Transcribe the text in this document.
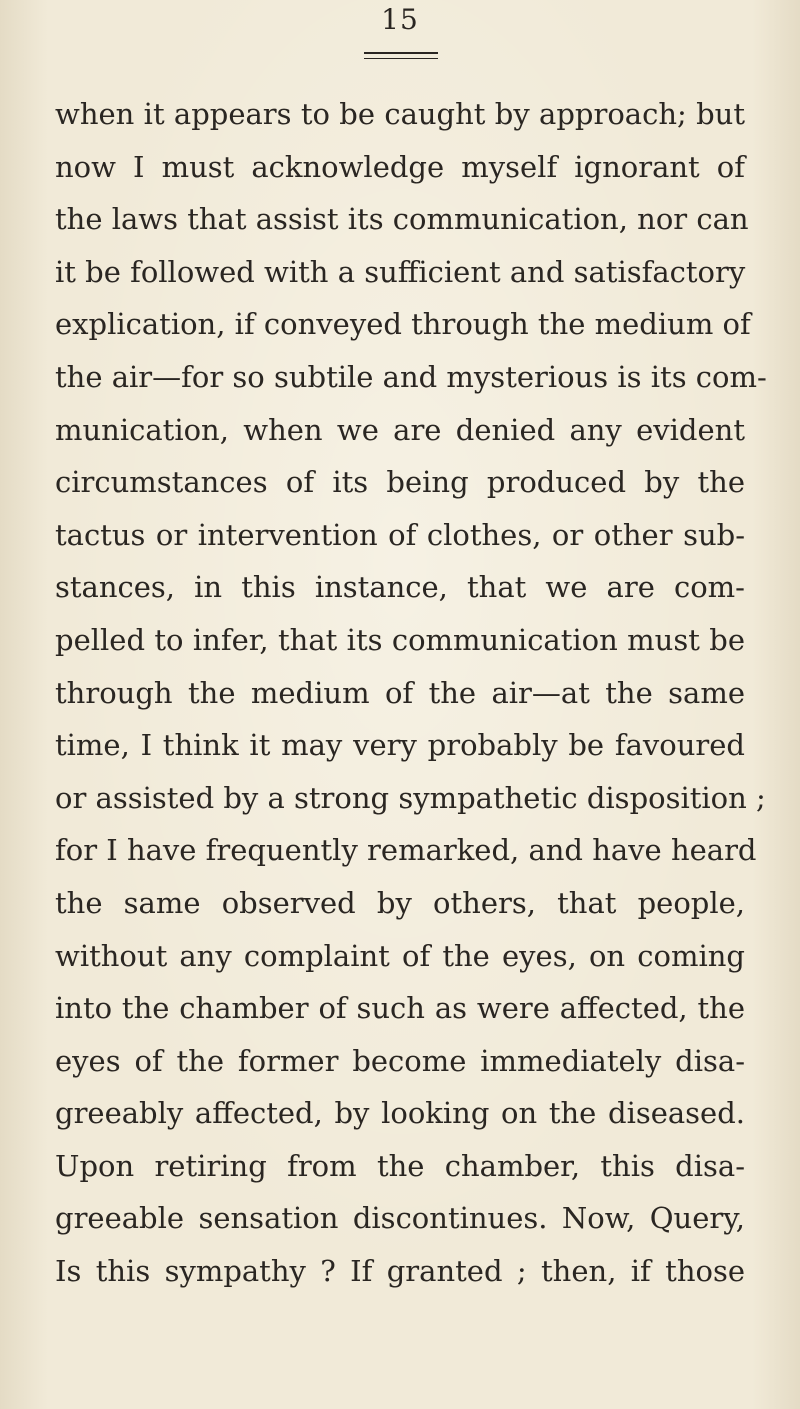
15
when it appears to be caught by approach; but
now I must acknowledge myself ignorant of
the laws that assist its communication, nor can
it be followed with a sufficient and satisfactory
explication, if conveyed through the medium of
the air—for so subtile and mysterious is its com-
munication, when we are denied any evident
circumstances of its being produced by the
tactus or intervention of clothes, or other sub-
stances, in this instance, that we are com-
pelled to infer, that its communication must be
through the medium of the air—at the same
time, I think it may very probably be favoured
or assisted by a strong sympathetic disposition ;
for I have frequently remarked, and have heard
the same observed by others, that people,
without any complaint of the eyes, on coming
into the chamber of such as were affected, the
eyes of the former become immediately disa-
greeably affected, by looking on the diseased.
Upon retiring from the chamber, this disa-
greeable sensation discontinues. Now, Query,
Is this sympathy ? If granted ; then, if those
